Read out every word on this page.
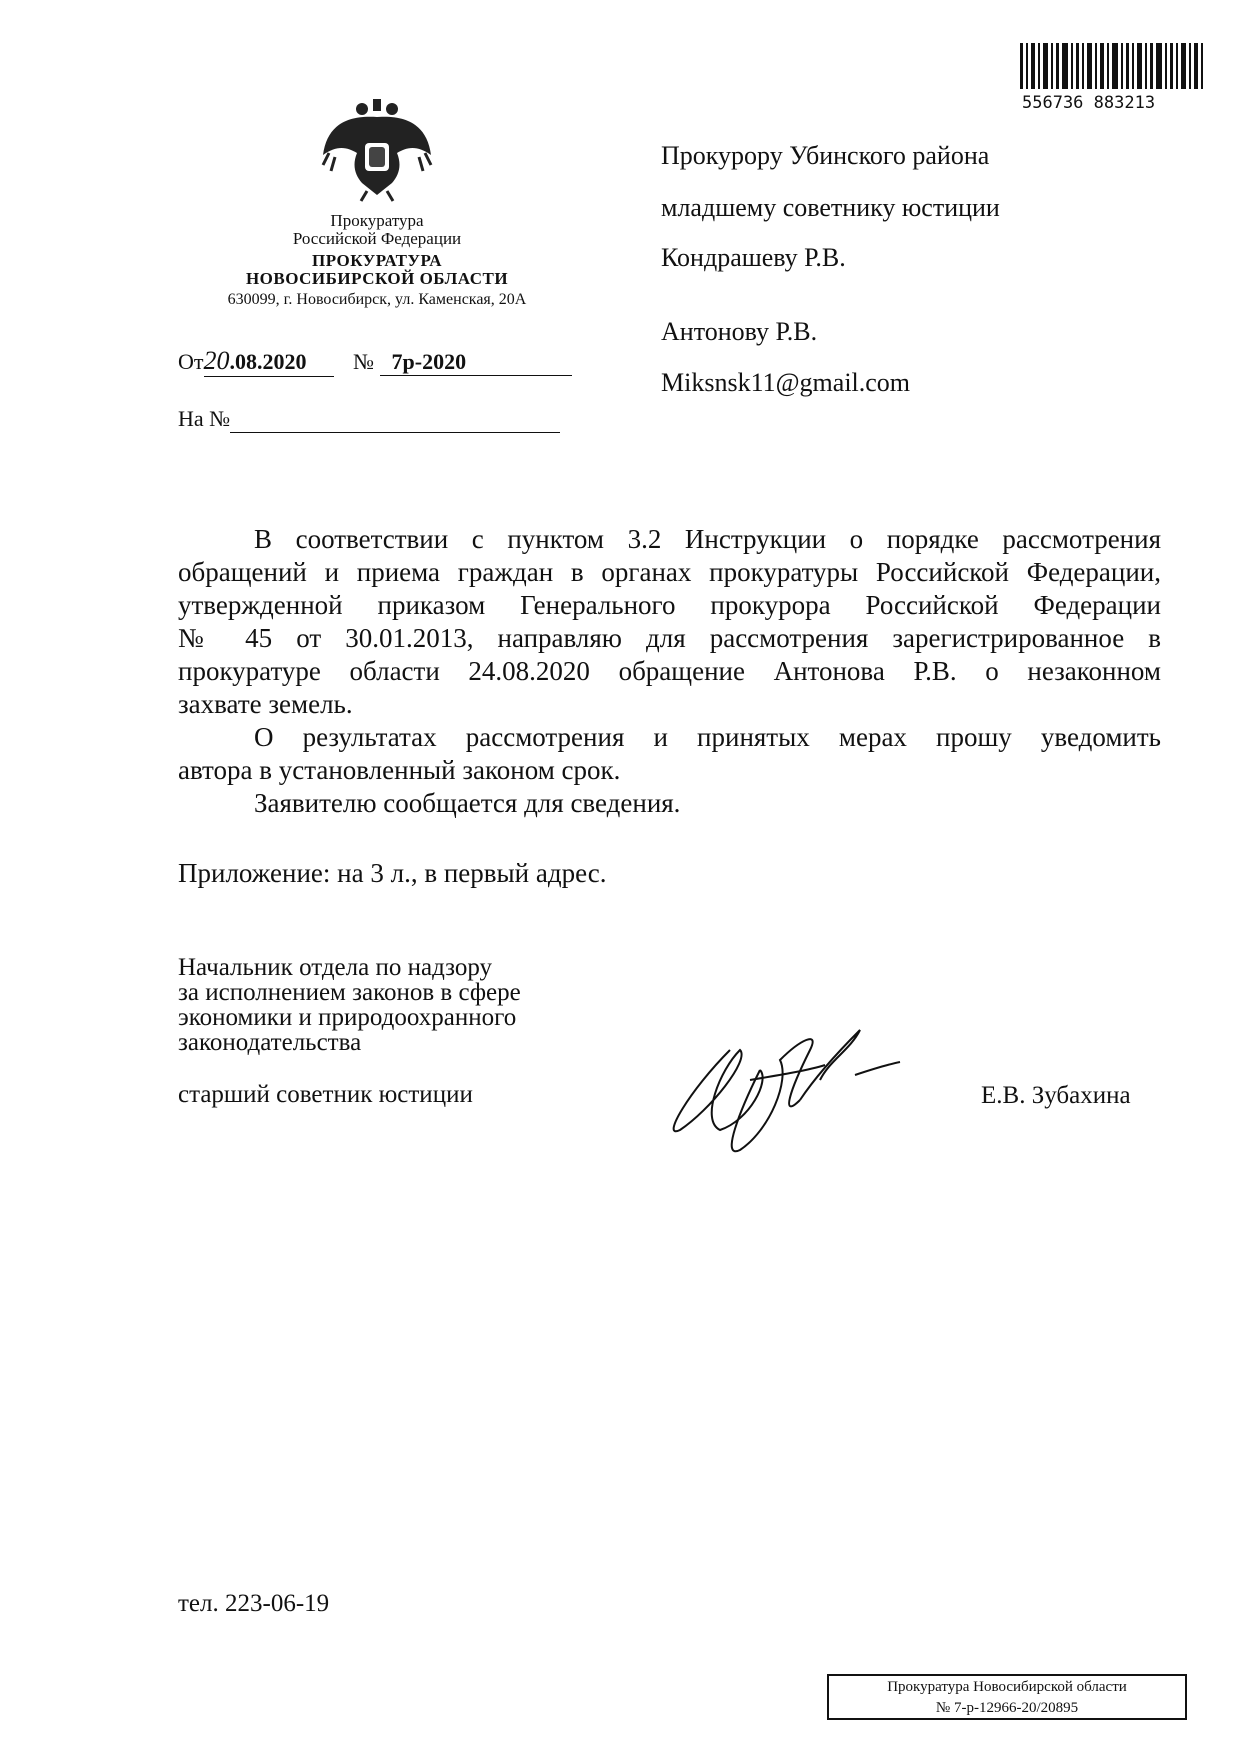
556736 883213
Прокуратура
Российской Федерации
ПРОКУРАТУРА
НОВОСИБИРСКОЙ ОБЛАСТИ
630099, г. Новосибирск, ул. Каменская, 20А
От20.08.2020 № 7р-2020
На №
Прокурору Убинского района
младшему советнику юстиции
Кондрашеву Р.В.
Антонову Р.В.
Miksnsk11@gmail.com
В соответствии с пунктом 3.2 Инструкции о порядке рассмотрения
обращений и приема граждан в органах прокуратуры Российской Федерации,
утвержденной приказом Генерального прокурора Российской Федерации
№ 45 от 30.01.2013, направляю для рассмотрения зарегистрированное в
прокуратуре области 24.08.2020 обращение Антонова Р.В. о незаконном
захвате земель.
О результатах рассмотрения и принятых мерах прошу уведомить
автора в установленный законом срок.
Заявителю сообщается для сведения.
Приложение: на 3 л., в первый адрес.
Начальник отдела по надзору
за исполнением законов в сфере
экономики и природоохранного
законодательства
старший советник юстиции	Е.В. Зубахина
тел. 223-06-19
Прокуратура Новосибирской области
№ 7-р-12966-20/20895
